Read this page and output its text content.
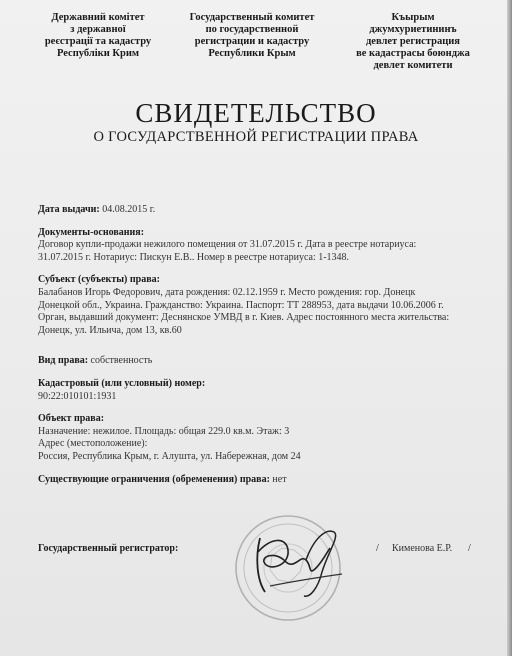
Державний комітет
з державної
реєстрації та кадастру
Республіки Крим
Государственный комитет
по государственной
регистрации и кадастру
Республики Крым
Къырым
джумхуриетининъ
девлет регистрация
ве кадастрасы боюнджа
девлет комитети
СВИДЕТЕЛЬСТВО
О ГОСУДАРСТВЕННОЙ РЕГИСТРАЦИИ ПРАВА
Дата выдачи: 04.08.2015 г.
Документы-основания:
Договор купли-продажи нежилого помещения от 31.07.2015 г. Дата в реестре нотариуса:
31.07.2015 г. Нотариус: Пискун Е.В.. Номер в реестре нотариуса: 1-1348.
Субъект (субъекты) права:
Балабанов Игорь Федорович, дата рождения: 02.12.1959 г. Место рождения: гор. Донецк
Донецкой обл., Украина. Гражданство: Украина. Паспорт: ТТ 288953, дата выдачи 10.06.2006 г.
Орган, выдавший документ: Деснянское УМВД в г. Киев. Адрес постоянного места жительства:
Донецк, ул. Ильича, дом 13, кв.60
Вид права: собственность
Кадастровый (или условный) номер:
90:22:010101:1931
Объект права:
Назначение: нежилое. Площадь: общая 229.0 кв.м. Этаж: 3
Адрес (местоположение):
Россия, Республика Крым, г. Алушта, ул. Набережная, дом 24
Существующие ограничения (обременения) права: нет
Государственный регистратор:	/ Кименова Е.Р. /
